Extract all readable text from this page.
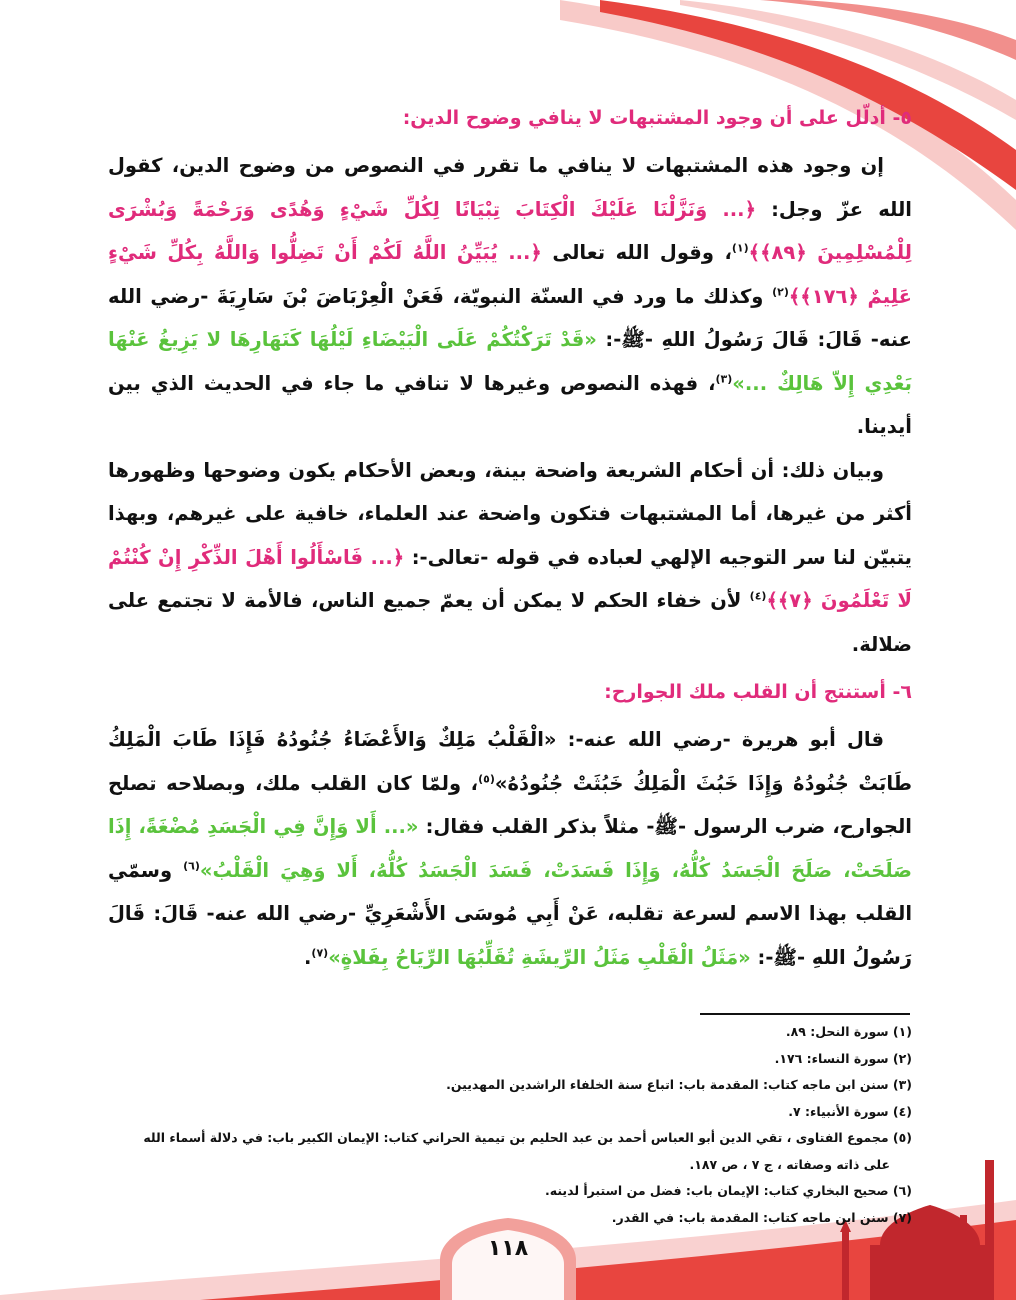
٥- أدلّل على أن وجود المشتبهات لا ينافي وضوح الدين:

إن وجود هذه المشتبهات لا ينافي ما تقرر في النصوص من وضوح الدين، كقول الله عزّ وجل: ﴿... وَنَزَّلْنَا عَلَيْكَ الْكِتَابَ تِبْيَانًا لِكُلِّ شَيْءٍ وَهُدًى وَرَحْمَةً وَبُشْرَى لِلْمُسْلِمِينَ ﴿٨٩﴾﴾$^{(١)}$، وقول الله تعالى ﴿... يُبَيِّنُ اللَّهُ لَكُمْ أَنْ تَضِلُّوا وَاللَّهُ بِكُلِّ شَيْءٍ عَلِيمٌ ﴿١٧٦﴾﴾$^{(٢)}$ وكذلك ما ورد في السنّة النبويّة، فَعَنْ الْعِرْبَاضَ بْنَ سَارِيَةَ -رضي الله عنه- قَالَ: قَالَ رَسُولُ اللهِ -ﷺ-: «قَدْ تَرَكْتُكُمْ عَلَى الْبَيْضَاءِ لَيْلُهَا كَنَهَارِهَا لا يَزِيغُ عَنْهَا بَعْدِي إِلاّ هَالِكٌ ...»$^{(٣)}$، فهذه النصوص وغيرها لا تنافي ما جاء في الحديث الذي بين أيدينا.

وبيان ذلك: أن أحكام الشريعة واضحة بينة، وبعض الأحكام يكون وضوحها وظهورها أكثر من غيرها، أما المشتبهات فتكون واضحة عند العلماء، خافية على غيرهم، وبهذا يتبيّن لنا سر التوجيه الإلهي لعباده في قوله -تعالى-: ﴿... فَاسْأَلُوا أَهْلَ الذِّكْرِ إِنْ كُنْتُمْ لَا تَعْلَمُونَ ﴿٧﴾﴾$^{(٤)}$ لأن خفاء الحكم لا يمكن أن يعمّ جميع الناس، فالأمة لا تجتمع على ضلالة.

٦- أستنتج أن القلب ملك الجوارح:

قال أبو هريرة -رضي الله عنه-: «الْقَلْبُ مَلِكٌ وَالأَعْضَاءُ جُنُودُهُ فَإِذَا طَابَ الْمَلِكُ طَابَتْ جُنُودُهُ وَإِذَا خَبُثَ الْمَلِكُ خَبُثَتْ جُنُودُهُ»$^{(٥)}$، ولمّا كان القلب ملك، وبصلاحه تصلح الجوارح، ضرب الرسول -ﷺ- مثلاً بذكر القلب فقال: «... أَلا وَإِنَّ فِي الْجَسَدِ مُضْغَةً، إِذَا صَلَحَتْ، صَلَحَ الْجَسَدُ كُلُّهُ، وَإِذَا فَسَدَتْ، فَسَدَ الْجَسَدُ كُلُّهُ، أَلا وَهِيَ الْقَلْبُ»$^{(٦)}$ وسمّي القلب بهذا الاسم لسرعة تقلبه، عَنْ أَبِي مُوسَى الأَشْعَرِيِّ -رضي الله عنه- قَالَ: قَالَ رَسُولُ اللهِ -ﷺ-: «مَثَلُ الْقَلْبِ مَثَلُ الرِّيشَةِ تُقَلِّبُهَا الرِّيَاحُ بِفَلاةٍ»$^{(٧)}$.

(١) سورة النحل: ٨٩.

(٢) سورة النساء: ١٧٦.

(٣) سنن ابن ماجه كتاب: المقدمة باب: اتباع سنة الخلفاء الراشدين المهديين.

(٤) سورة الأنبياء: ٧.

(٥) مجموع الفتاوى ، تقي الدين أبو العباس أحمد بن عبد الحليم بن تيمية الحراني كتاب: الإيمان الكبير باب: في دلالة أسماء الله

على ذاته وصفاته ، ج ٧ ، ص ١٨٧.

(٦) صحيح البخاري كتاب: الإيمان باب: فضل من استبرأ لدينه.

(٧) سنن ابن ماجه كتاب: المقدمة باب: في القدر.

١١٨
